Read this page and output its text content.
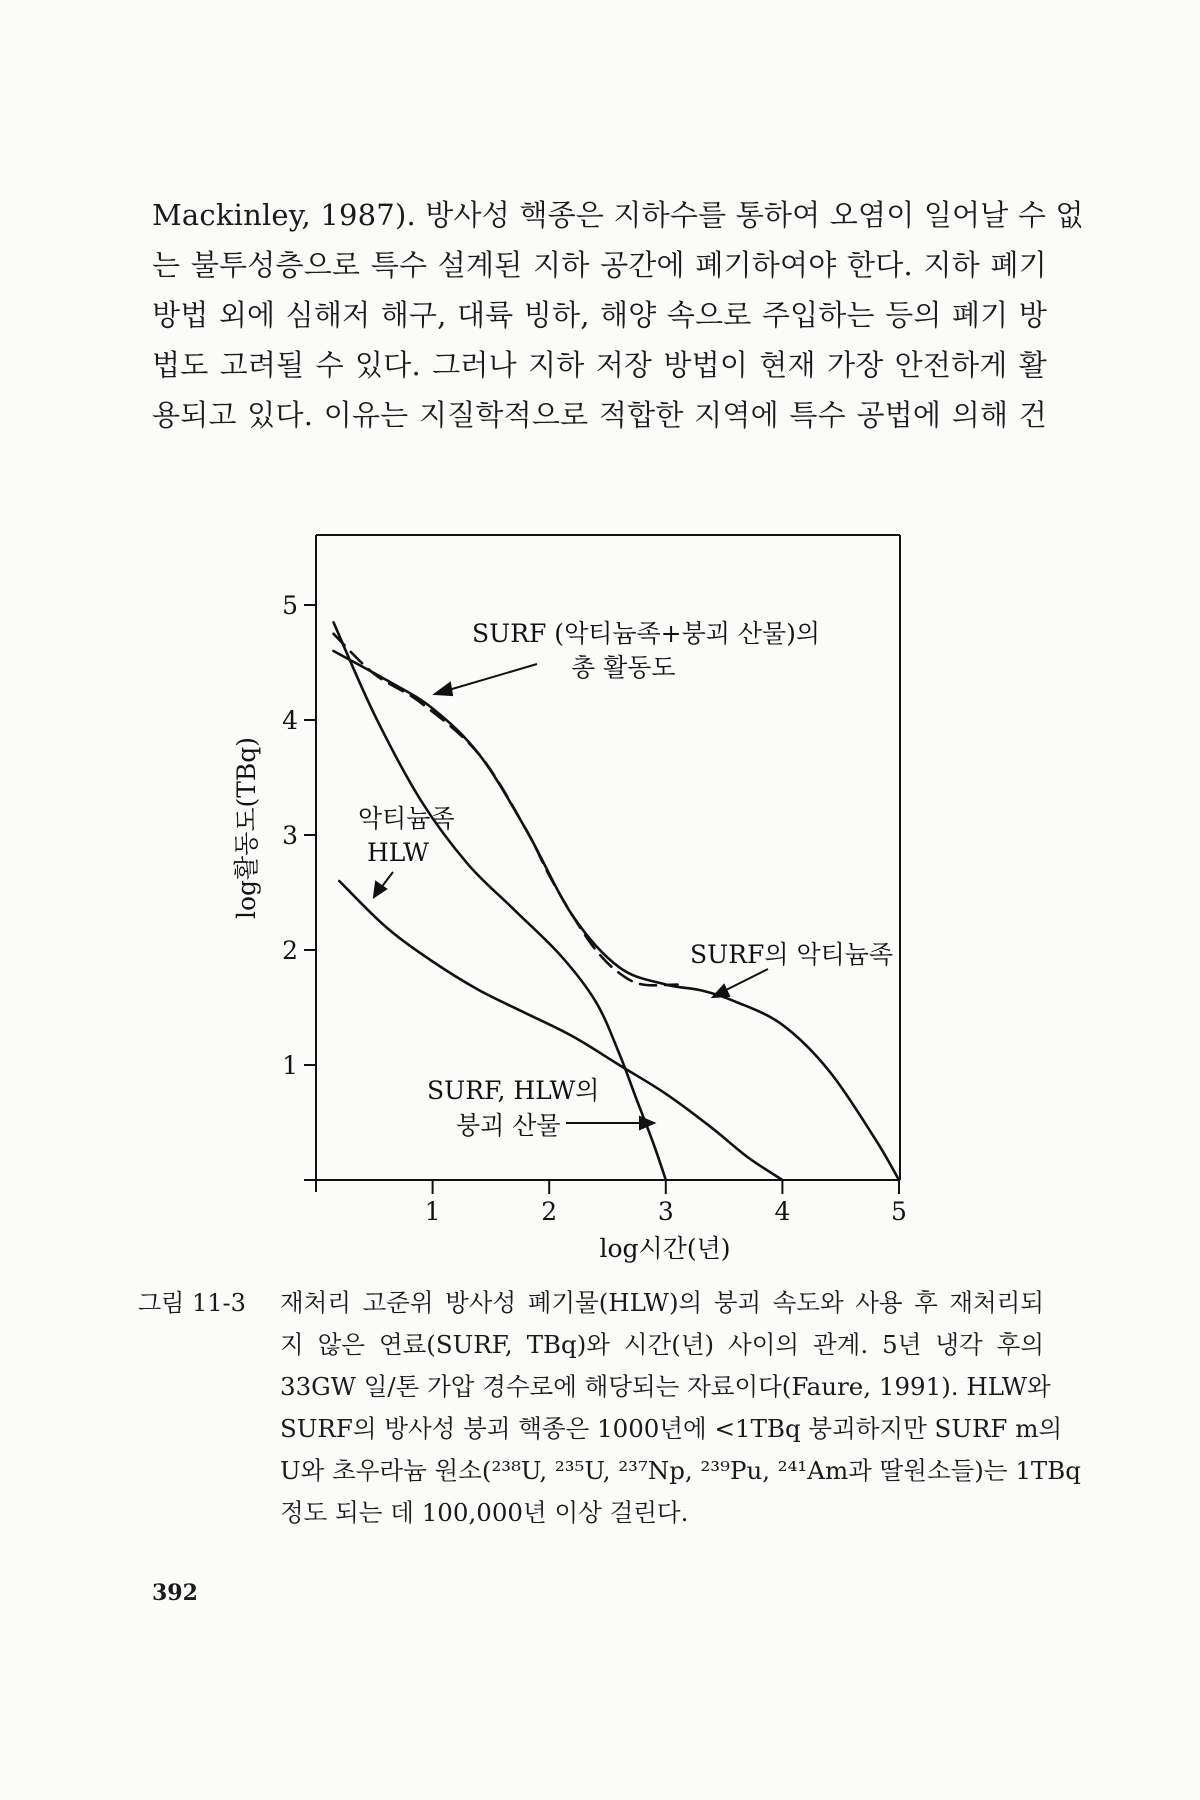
Mackinley, 1987). 방사성 핵종은 지하수를 통하여 오염이 일어날 수 없
는 불투성층으로 특수 설계된 지하 공간에 폐기하여야 한다. 지하 폐기
방법 외에 심해저 해구, 대륙 빙하, 해양 속으로 주입하는 등의 폐기 방
법도 고려될 수 있다. 그러나 지하 저장 방법이 현재 가장 안전하게 활
용되고 있다. 이유는 지질학적으로 적합한 지역에 특수 공법에 의해 건
1	2	3	4	5
1
2
3
4
5
log활동도(TBq)
log시간(년)
SURF (악티늄족+붕괴 산물)의
총 활동도
악티늄족
HLW
SURF의 악티늄족
SURF, HLW의
붕괴 산물
그림 11-3 재처리 고준위 방사성 폐기물(HLW)의 붕괴 속도와 사용 후 재처리되
지 않은 연료(SURF, TBq)와 시간(년) 사이의 관계. 5년 냉각 후의
33GW 일/톤 가압 경수로에 해당되는 자료이다(Faure, 1991). HLW와
SURF의 방사성 붕괴 핵종은 1000년에 <1TBq 붕괴하지만 SURF m의
U와 초우라늄 원소(²³⁸U, ²³⁵U, ²³⁷Np, ²³⁹Pu, ²⁴¹Am과 딸원소들)는 1TBq
정도 되는 데 100,000년 이상 걸린다.
392
